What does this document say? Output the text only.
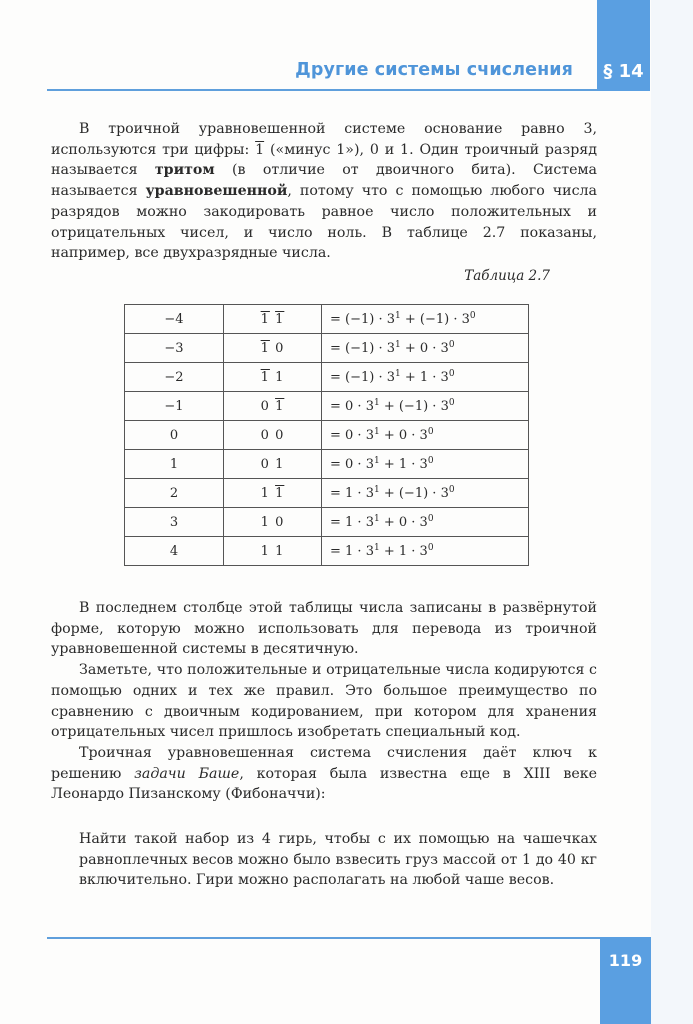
Другие системы счисления	§ 14

В троичной уравновешенной системе основание равно 3, используются три цифры: 1 («минус 1»), 0 и 1. Один троичный разряд называется тритом (в отличие от двоичного бита). Система называется уравновешенной, потому что с помощью любого числа разрядов можно закодировать равное число положительных и отрицательных чисел, и число ноль. В таблице 2.7 показаны, например, все двухразрядные числа.

Таблица 2.7
−4	1 1	= $(-1) \cdot 3^1 + (-1) \cdot 3^0$
−3	1 0	= $(-1) \cdot 3^1 + 0 \cdot 3^0$
−2	1 1	= $(-1) \cdot 3^1 + 1 \cdot 3^0$
−1	0 1	= $0 \cdot 3^1 + (-1) \cdot 3^0$
0	0 0	= $0 \cdot 3^1 + 0 \cdot 3^0$
1	0 1	= $0 \cdot 3^1 + 1 \cdot 3^0$
2	1 1	= $1 \cdot 3^1 + (-1) \cdot 3^0$
3	1 0	= $1 \cdot 3^1 + 0 \cdot 3^0$
4	1 1	= $1 \cdot 3^1 + 1 \cdot 3^0$

В последнем столбце этой таблицы числа записаны в развёрнутой форме, которую можно использовать для перевода из троичной уравновешенной системы в десятичную.

Заметьте, что положительные и отрицательные числа кодируются с помощью одних и тех же правил. Это большое преимущество по сравнению с двоичным кодированием, при котором для хранения отрицательных чисел пришлось изобретать специальный код.

Троичная уравновешенная система счисления даёт ключ к решению задачи Баше, которая была известна еще в XIII веке Леонардо Пизанскому (Фибоначчи):

Найти такой набор из 4 гирь, чтобы с их помощью на чашечках равноплечных весов можно было взвесить груз массой от 1 до 40 кг включительно. Гири можно располагать на любой чаше весов.
119
